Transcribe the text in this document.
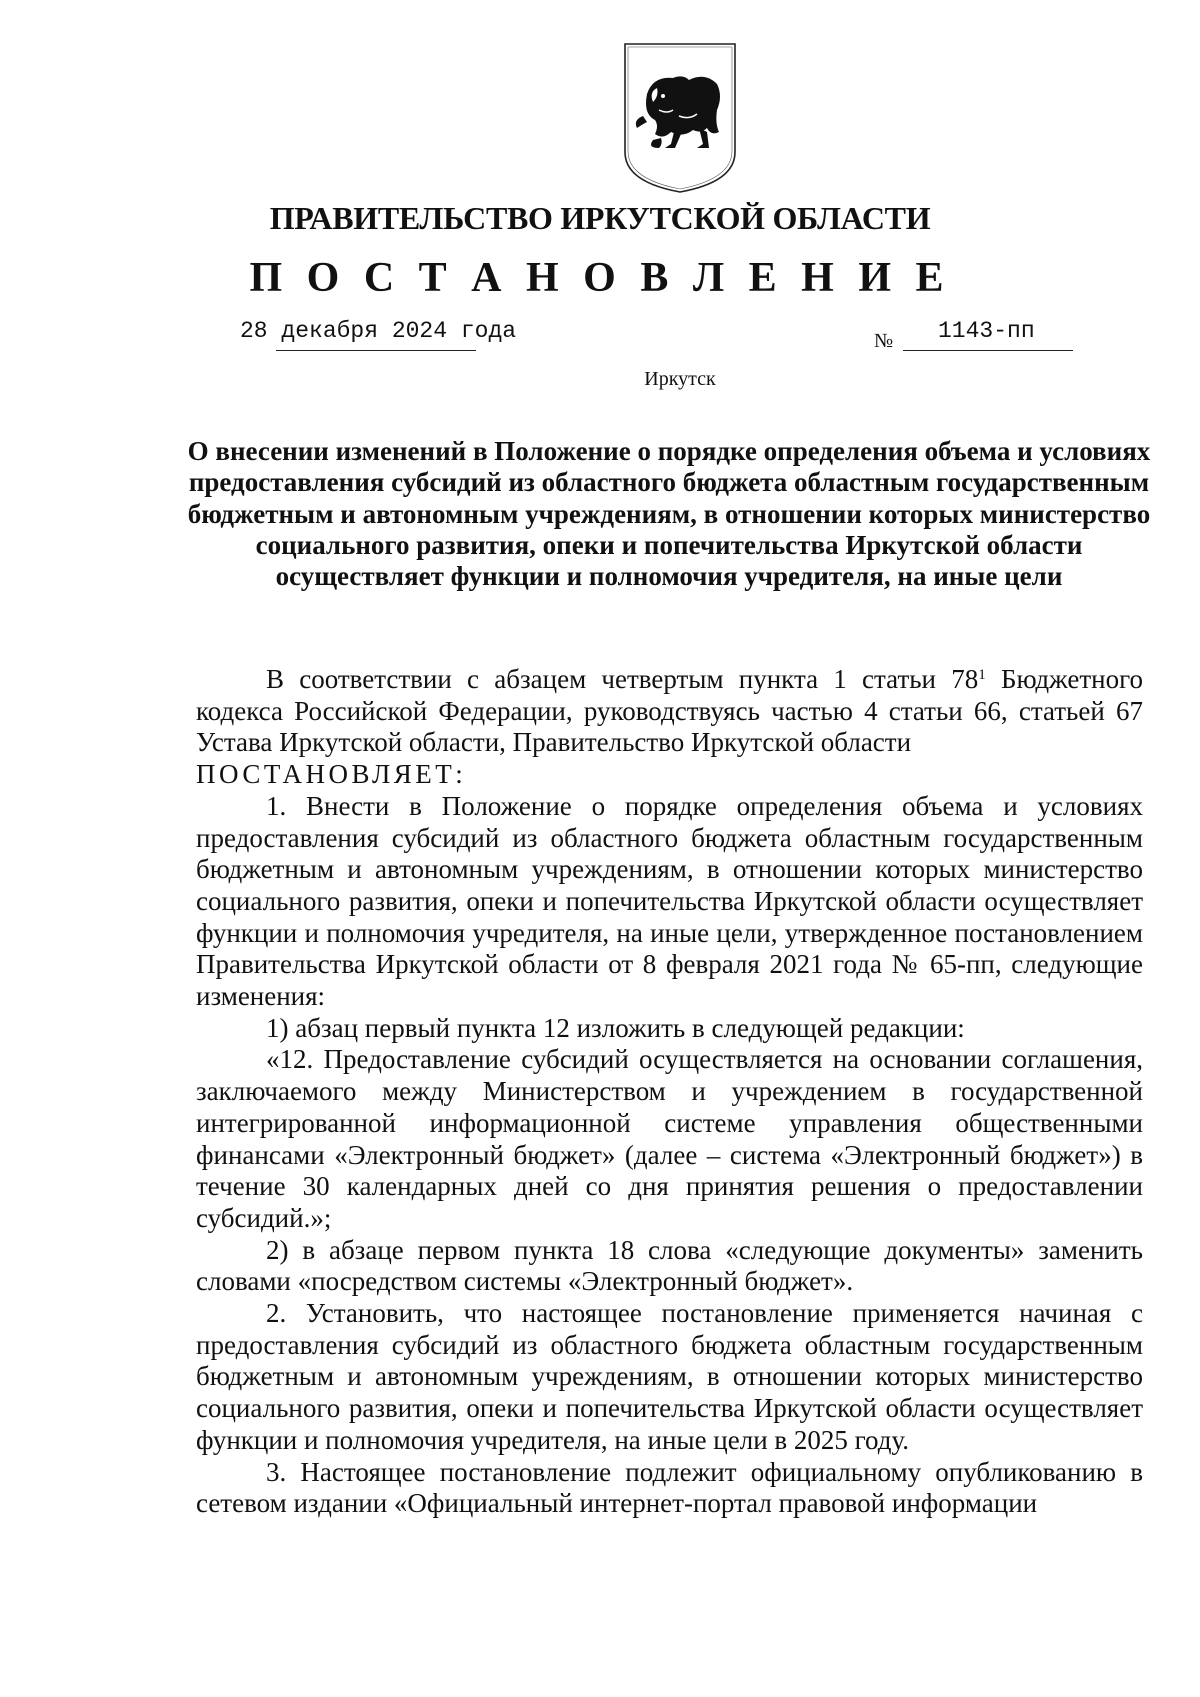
ПРАВИТЕЛЬСТВО ИРКУТСКОЙ ОБЛАСТИ
П О С Т А Н О В Л Е Н И Е

28 декабря 2024 года	№ 1143-пп

Иркутск

О внесении изменений в Положение о порядке определения объема и условиях предоставления субсидий из областного бюджета областным государственным бюджетным и автономным учреждениям, в отношении которых министерство социального развития, опеки и попечительства Иркутской области осуществляет функции и полномочия учредителя, на иные цели

В соответствии с абзацем четвертым пункта 1 статьи $78^1$ Бюджетного кодекса Российской Федерации, руководствуясь частью 4 статьи 66, статьей 67 Устава Иркутской области, Правительство Иркутской области

ПОСТАНОВЛЯЕТ:

1. Внести в Положение о порядке определения объема и условиях предоставления субсидий из областного бюджета областным государственным бюджетным и автономным учреждениям, в отношении которых министерство социального развития, опеки и попечительства Иркутской области осуществляет функции и полномочия учредителя, на иные цели, утвержденное постановлением Правительства Иркутской области от 8 февраля 2021 года № 65-пп, следующие изменения:

1) абзац первый пункта 12 изложить в следующей редакции:

«12. Предоставление субсидий осуществляется на основании соглашения, заключаемого между Министерством и учреждением в государственной интегрированной информационной системе управления общественными финансами «Электронный бюджет» (далее – система «Электронный бюджет») в течение 30 календарных дней со дня принятия решения о предоставлении субсидий.»;

2) в абзаце первом пункта 18 слова «следующие документы» заменить словами «посредством системы «Электронный бюджет».

2. Установить, что настоящее постановление применяется начиная с предоставления субсидий из областного бюджета областным государственным бюджетным и автономным учреждениям, в отношении которых министерство социального развития, опеки и попечительства Иркутской области осуществляет функции и полномочия учредителя, на иные цели в 2025 году.

3. Настоящее постановление подлежит официальному опубликованию в сетевом издании «Официальный интернет-портал правовой информации
